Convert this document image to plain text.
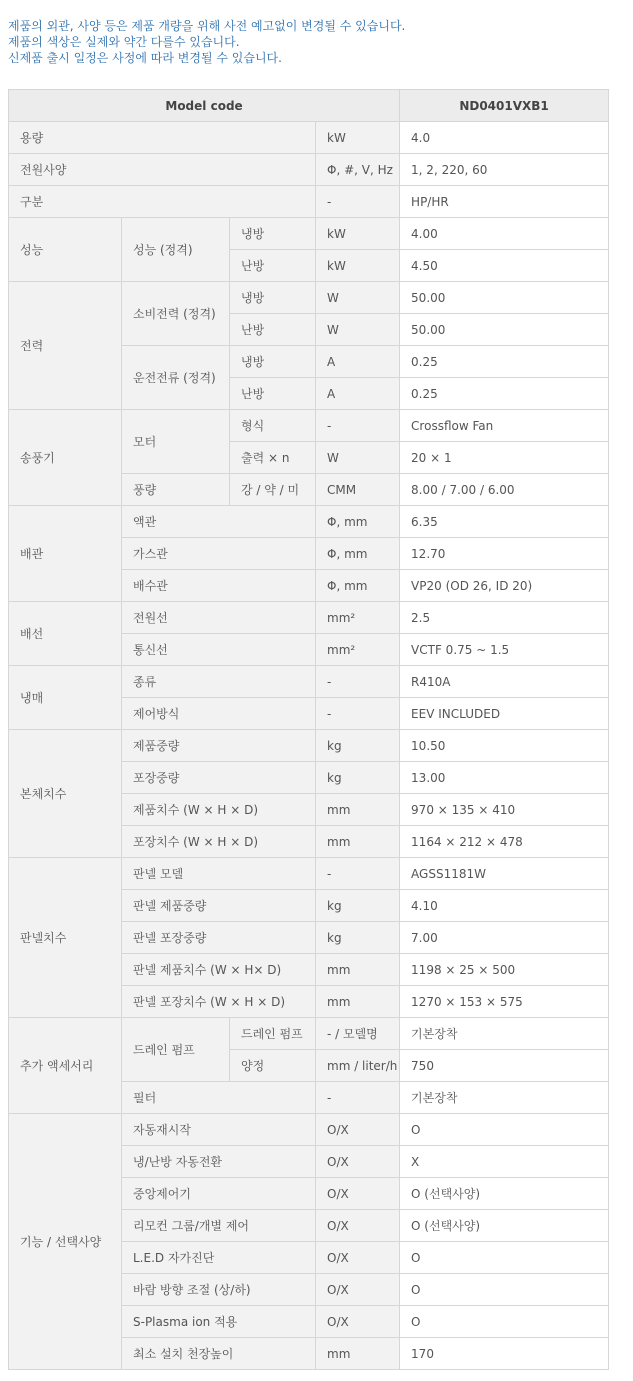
제품의 외관, 사양 등은 제품 개량을 위해 사전 예고없이 변경될 수 있습니다.
제품의 색상은 실제와 약간 다를수 있습니다.
신제품 출시 일정은 사정에 따라 변경될 수 있습니다.
Model code				ND0401VXB1
용량			kW	4.0
전원사양			Φ, #, V, Hz	1, 2, 220, 60
구분			-	HP/HR
성능	성능 (정격)	냉방	kW	4.00
		난방	kW	4.50
전력	소비전력 (정격)	냉방	W	50.00
		난방	W	50.00
	운전전류 (정격)	냉방	A	0.25
		난방	A	0.25
송풍기	모터	형식	-	Crossflow Fan
		출력 × n	W	20 × 1
	풍량	강 / 약 / 미	CMM	8.00 / 7.00 / 6.00
배관	액관		Φ, mm	6.35
	가스관		Φ, mm	12.70
	배수관		Φ, mm	VP20 (OD 26, ID 20)
배선	전원선		mm²	2.5
	통신선		mm²	VCTF 0.75 ~ 1.5
냉매	종류		-	R410A
	제어방식		-	EEV INCLUDED
본체치수	제품중량		kg	10.50
	포장중량		kg	13.00
	제품치수 (W × H × D)		mm	970 × 135 × 410
	포장치수 (W × H × D)		mm	1164 × 212 × 478
판넬치수	판넬 모델		-	AGSS1181W
	판넬 제품중량		kg	4.10
	판넬 포장중량		kg	7.00
	판넬 제품치수 (W × H× D)		mm	1198 × 25 × 500
	판넬 포장치수 (W × H × D)		mm	1270 × 153 × 575
추가 액세서리	드레인 펌프	드레인 펌프	- / 모델명	기본장착
		양정	mm / liter/h	750
	필터		-	기본장착
기능 / 선택사양	자동재시작		O/X	O
	냉/난방 자동전환		O/X	X
	중앙제어기		O/X	O (선택사양)
	리모컨 그룹/개별 제어		O/X	O (선택사양)
	L.E.D 자가진단		O/X	O
	바람 방향 조절 (상/하)		O/X	O
	S-Plasma ion 적용		O/X	O
	최소 설치 천장높이		mm	170
